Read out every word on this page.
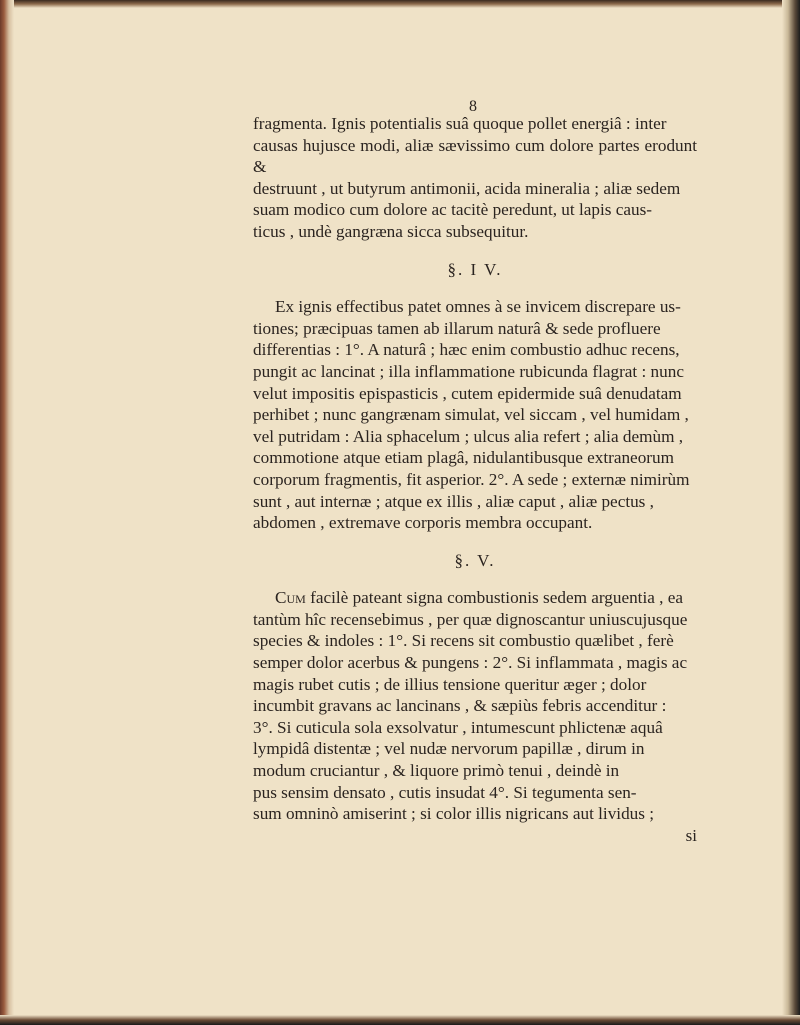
8

fragmenta. Ignis potentialis suâ quoque pollet energiâ : inter
causas hujusce modi, aliæ sævissimo cum dolore partes erodunt &
destruunt , ut butyrum antimonii, acida mineralia ; aliæ sedem
suam modico cum dolore ac tacitè peredunt, ut lapis caus-
ticus , undè gangræna sicca subsequitur.

§. I V.

Ex ignis effectibus patet omnes à se invicem discrepare us-
tiones; præcipuas tamen ab illarum naturâ & sede profluere
differentias : 1°. A naturâ ; hæc enim combustio adhuc recens,
pungit ac lancinat ; illa inflammatione rubicunda flagrat : nunc
velut impositis epispasticis , cutem epidermide suâ denudatam
perhibet ; nunc gangrænam simulat, vel siccam , vel humidam ,
vel putridam : Alia sphacelum ; ulcus alia refert ; alia demùm ,
commotione atque etiam plagâ, nidulantibusque extraneorum
corporum fragmentis, fit asperior. 2°. A sede ; externæ nimirùm
sunt , aut internæ ; atque ex illis , aliæ caput , aliæ pectus ,
abdomen , extremave corporis membra occupant.

§. V.

Cum facilè pateant signa combustionis sedem arguentia , ea
tantùm hîc recensebimus , per quæ dignoscantur uniuscujusque
species & indoles : 1°. Si recens sit combustio quælibet , ferè
semper dolor acerbus & pungens : 2°. Si inflammata , magis ac
magis rubet cutis ; de illius tensione queritur æger ; dolor
incumbit gravans ac lancinans , & sæpiùs febris accenditur :
3°. Si cuticula sola exsolvatur , intumescunt phlictenæ aquâ
lympidâ distentæ ; vel nudæ nervorum papillæ , dirum in
modum cruciantur , & liquore primò tenui , deindè in
pus sensim densato , cutis insudat 4°. Si tegumenta sen-
sum omninò amiserint ; si color illis nigricans aut lividus ;

si
